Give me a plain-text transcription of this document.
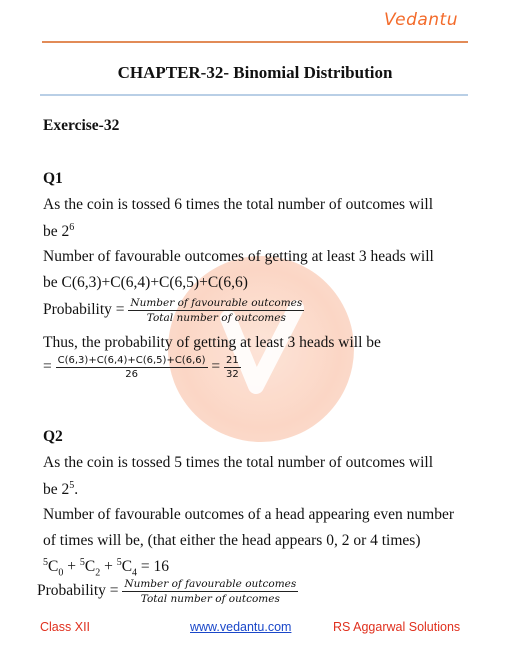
Vedantu
CHAPTER-32- Binomial Distribution
Exercise-32
Q1
As the coin is tossed 6 times the total number of outcomes will
be $2^6$
Number of favourable outcomes of getting at least 3 heads will
be C(6,3)+C(6,4)+C(6,5)+C(6,6)
Probability = $\frac{\text{Number of favourable outcomes}}{\text{Total number of outcomes}}$
Thus, the probability of getting at least 3 heads will be
= $\frac{C(6,3)+C(6,4)+C(6,5)+C(6,6)}{26} = \frac{21}{32}$
Q2
As the coin is tossed 5 times the total number of outcomes will
be $2^5$.
Number of favourable outcomes of a head appearing even number
of times will be, (that either the head appears 0, 2 or 4 times)
$^5C_0 + ^5C_2 + ^5C_4 = 16$
Probability = $\frac{\text{Number of favourable outcomes}}{\text{Total number of outcomes}}$
Class XII	www.vedantu.com	RS Aggarwal Solutions
